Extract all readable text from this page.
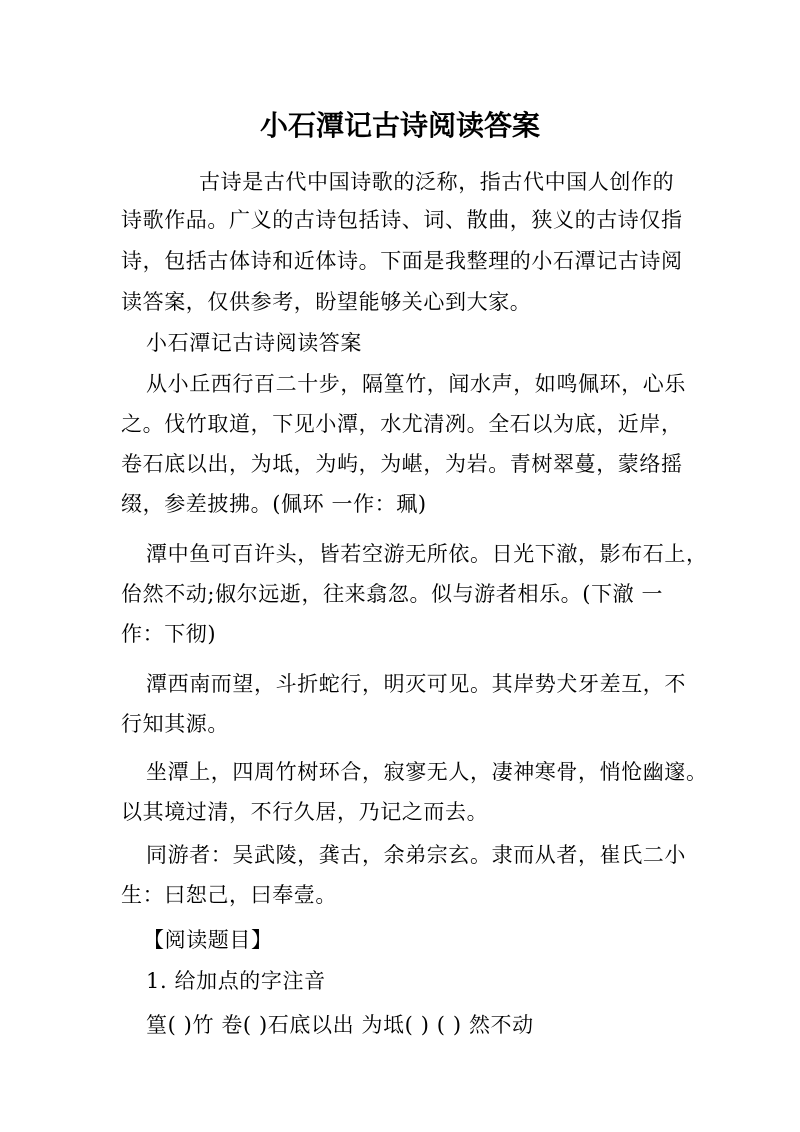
小石潭记古诗阅读答案

古诗是古代中国诗歌的泛称，指古代中国人创作的

诗歌作品。广义的古诗包括诗、词、散曲，狭义的古诗仅指

诗，包括古体诗和近体诗。下面是我整理的小石潭记古诗阅

读答案，仅供参考，盼望能够关心到大家。

小石潭记古诗阅读答案

从小丘西行百二十步，隔篁竹，闻水声，如鸣佩环，心乐

之。伐竹取道，下见小潭，水尤清冽。全石以为底，近岸，

卷石底以出，为坻，为屿，为嵁，为岩。青树翠蔓，蒙络摇

缀，参差披拂。(佩环 一作：珮)

潭中鱼可百许头，皆若空游无所依。日光下澈，影布石上，

佁然不动;俶尔远逝，往来翕忽。似与游者相乐。(下澈 一

作：下彻)

潭西南而望，斗折蛇行，明灭可见。其岸势犬牙差互，不

行知其源。

坐潭上，四周竹树环合，寂寥无人，凄神寒骨，悄怆幽邃。

以其境过清，不行久居，乃记之而去。

同游者：吴武陵，龚古，余弟宗玄。隶而从者，崔氏二小

生：曰恕己，曰奉壹。

【阅读题目】

1. 给加点的字注音

篁( )竹 卷( )石底以出 为坻( ) ( ) 然不动
